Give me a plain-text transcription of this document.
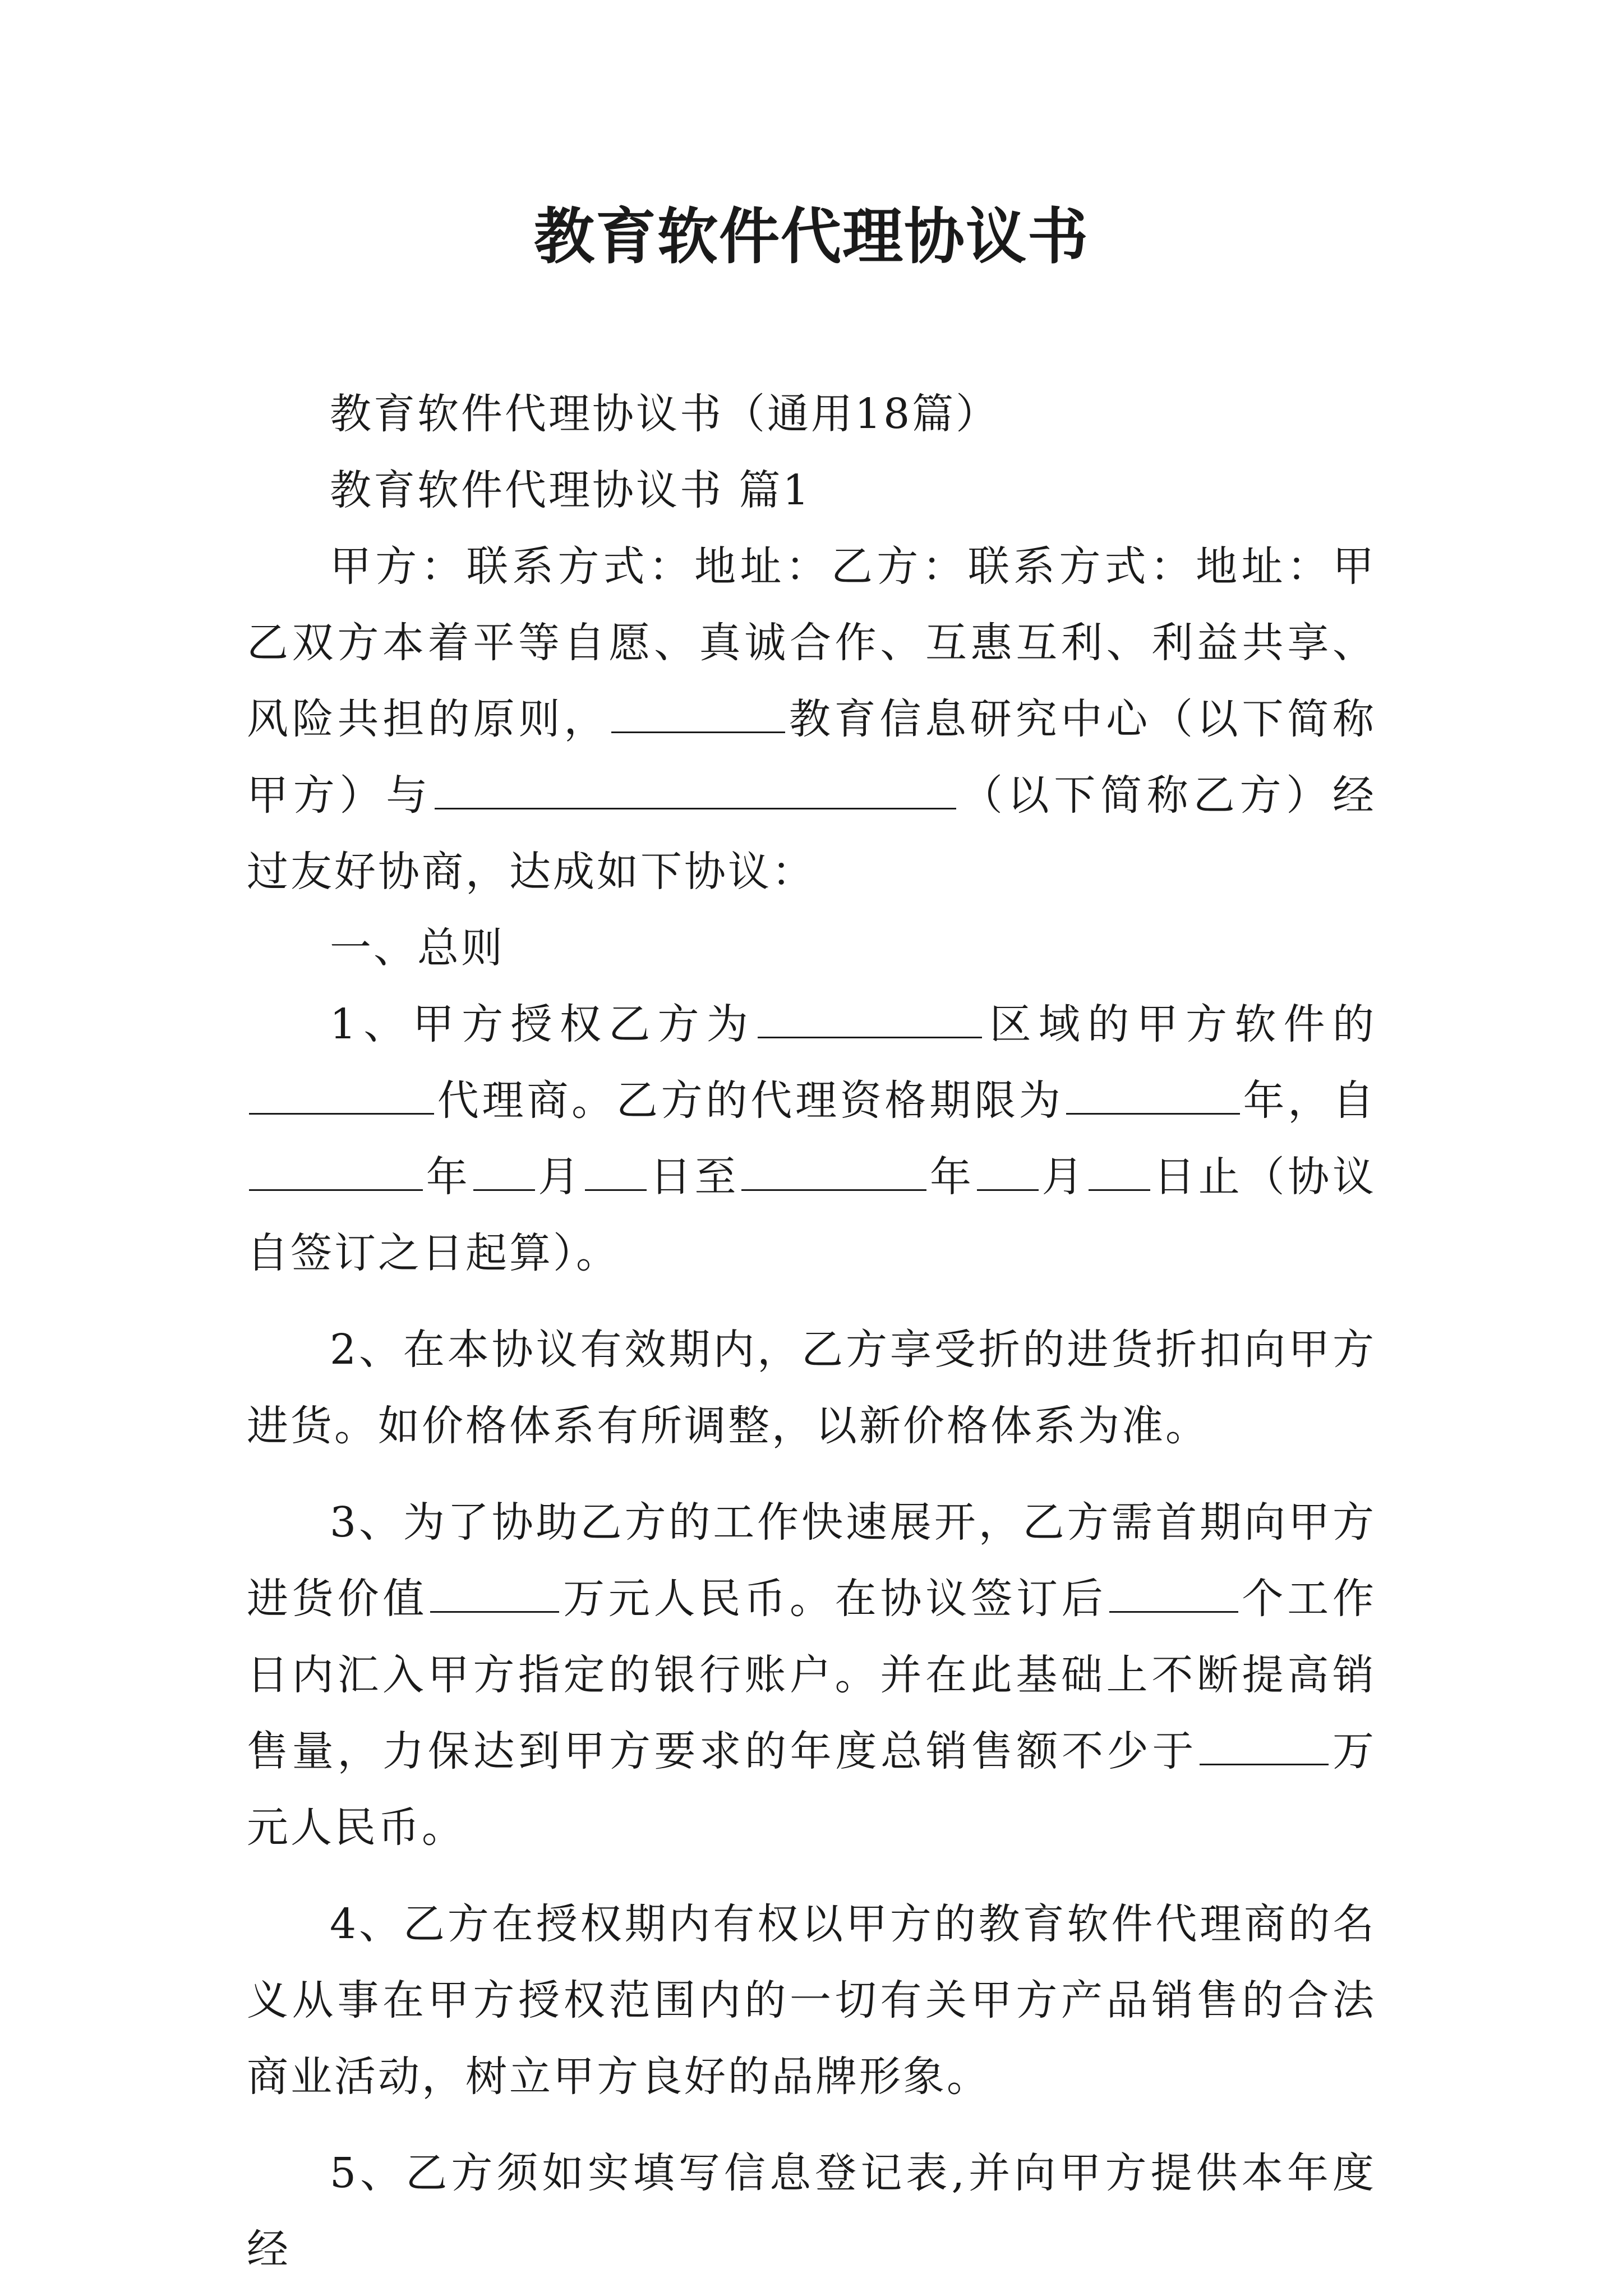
教育软件代理协议书

教育软件代理协议书（通用18篇）

教育软件代理协议书 篇1

甲方：联系方式：地址：乙方：联系方式：地址：甲乙双方本着平等自愿、真诚合作、互惠互利、利益共享、风险共担的原则，	教育信息研究中心（以下简称甲方）与	（以下简称乙方）经过友好协商，达成如下协议：

一、总则

1、甲方授权乙方为	区域的甲方软件的代理商。乙方的代理资格期限为	年，自年 月 日至	年 月 日止（协议自签订之日起算）。

2、在本协议有效期内，乙方享受折的进货折扣向甲方进货。如价格体系有所调整，以新价格体系为准。

3、为了协助乙方的工作快速展开，乙方需首期向甲方进货价值	万元人民币。在协议签订后	个工作日内汇入甲方指定的银行账户。并在此基础上不断提高销售量，力保达到甲方要求的年度总销售额不少于	万元人民币。

4、乙方在授权期内有权以甲方的教育软件代理商的名义从事在甲方授权范围内的一切有关甲方产品销售的合法商业活动，树立甲方良好的品牌形象。

5、乙方须如实填写信息登记表,并向甲方提供本年度经
